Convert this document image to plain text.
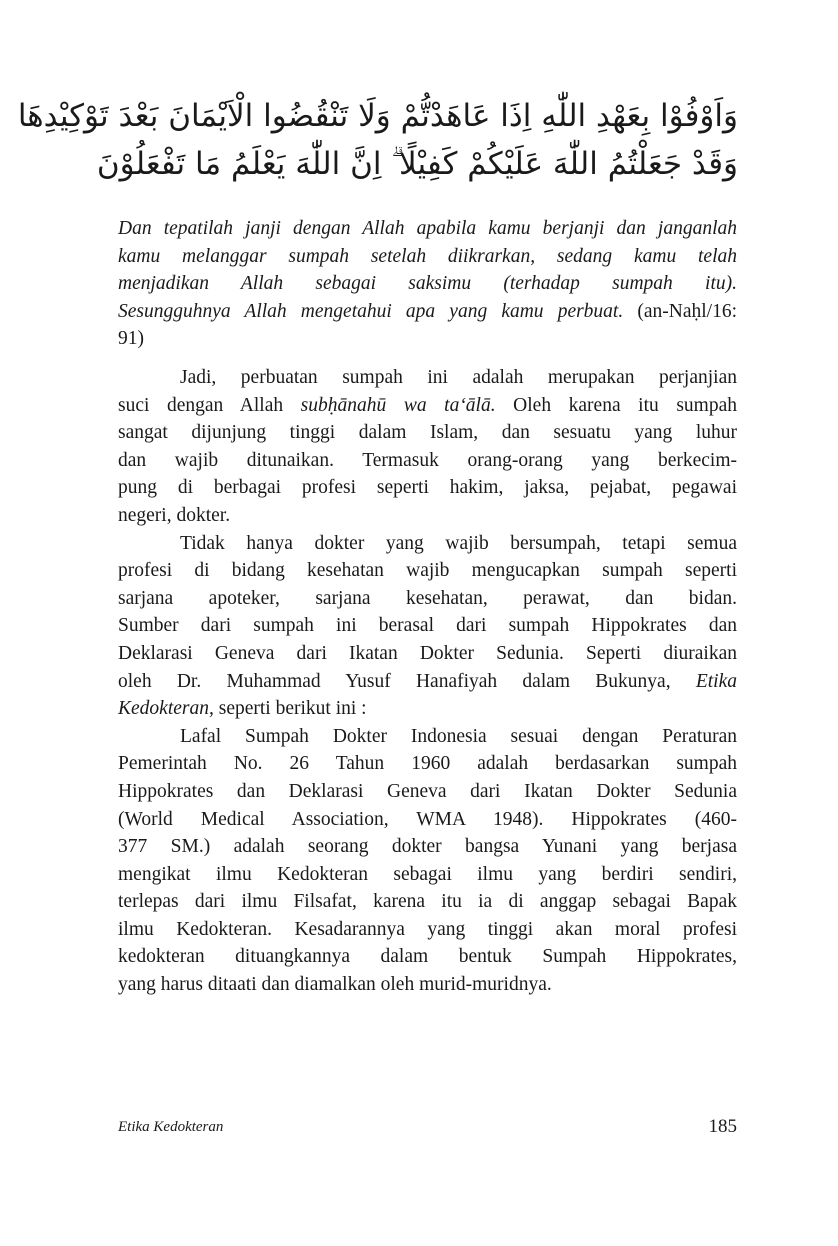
وَاَوْفُوْا بِعَهْدِ اللّٰهِ اِذَا عَاهَدْتُّمْ وَلَا تَنْقُضُوا الْاَيْمَانَ بَعْدَ تَوْكِيْدِهَا
وَقَدْ جَعَلْتُمُ اللّٰهَ عَلَيْكُمْ كَفِيْلًا ۗ اِنَّ اللّٰهَ يَعْلَمُ مَا تَفْعَلُوْنَ
Dan tepatilah janji dengan Allah apabila kamu berjanji dan janganlah
kamu melanggar sumpah setelah diikrarkan, sedang kamu telah
menjadikan Allah sebagai saksimu (terhadap sumpah itu).
Sesungguhnya Allah mengetahui apa yang kamu perbuat. (an-Naḥl/16:
91)
Jadi, perbuatan sumpah ini adalah merupakan perjanjian
suci dengan Allah subḥānahū wa ta‘ālā. Oleh karena itu sumpah
sangat dijunjung tinggi dalam Islam, dan sesuatu yang luhur
dan wajib ditunaikan. Termasuk orang-orang yang berkecim-
pung di berbagai profesi seperti hakim, jaksa, pejabat, pegawai
negeri, dokter.
Tidak hanya dokter yang wajib bersumpah, tetapi semua
profesi di bidang kesehatan wajib mengucapkan sumpah seperti
sarjana apoteker, sarjana kesehatan, perawat, dan bidan.
Sumber dari sumpah ini berasal dari sumpah Hippokrates dan
Deklarasi Geneva dari Ikatan Dokter Sedunia. Seperti diuraikan
oleh Dr. Muhammad Yusuf Hanafiyah dalam Bukunya, Etika
Kedokteran, seperti berikut ini :
Lafal Sumpah Dokter Indonesia sesuai dengan Peraturan
Pemerintah No. 26 Tahun 1960 adalah berdasarkan sumpah
Hippokrates dan Deklarasi Geneva dari Ikatan Dokter Sedunia
(World Medical Association, WMA 1948). Hippokrates (460-
377 SM.) adalah seorang dokter bangsa Yunani yang berjasa
mengikat ilmu Kedokteran sebagai ilmu yang berdiri sendiri,
terlepas dari ilmu Filsafat, karena itu ia di anggap sebagai Bapak
ilmu Kedokteran. Kesadarannya yang tinggi akan moral profesi
kedokteran dituangkannya dalam bentuk Sumpah Hippokrates,
yang harus ditaati dan diamalkan oleh murid-muridnya.
Etika Kedokteran	185
